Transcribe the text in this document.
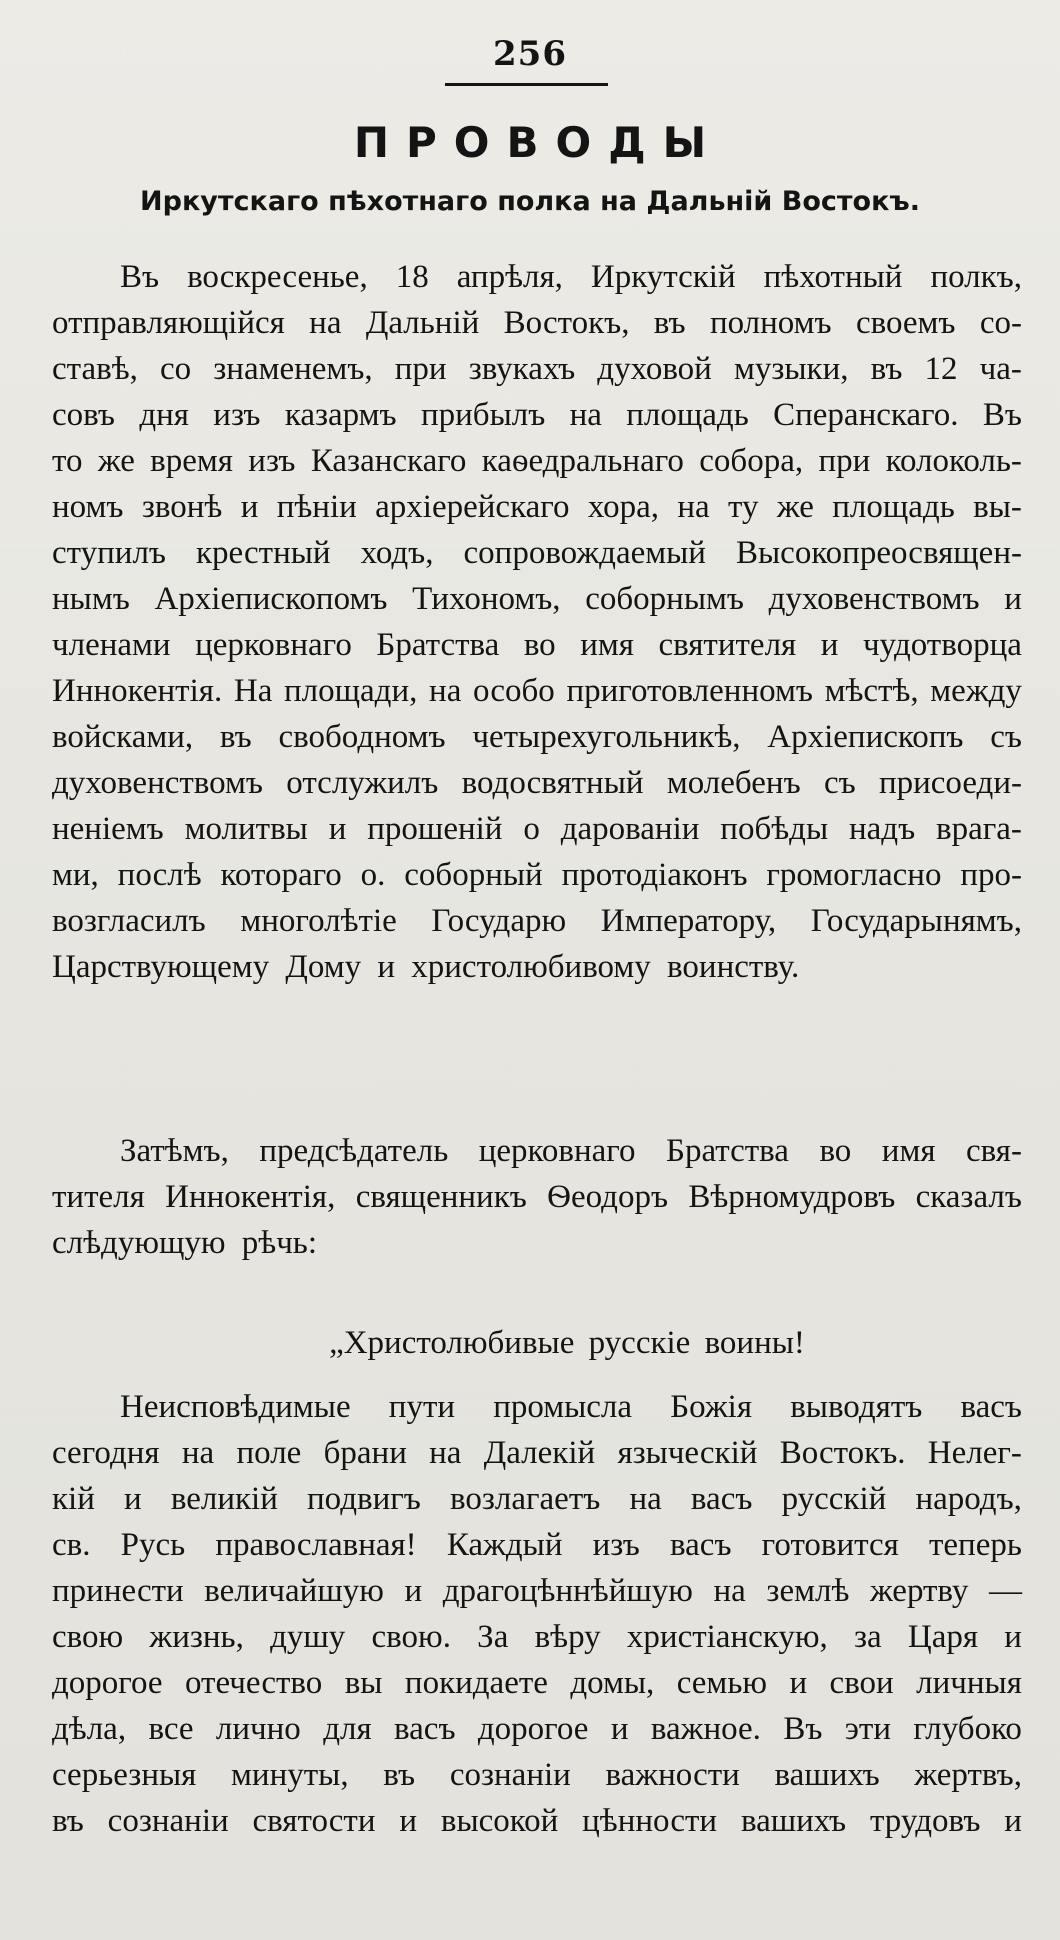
256
ПРОВОДЫ
Иркутскаго пѣхотнаго полка на Дальній Востокъ.
Въ воскресенье, 18 апрѣля, Иркутскій пѣхотный полкъ,
отправляющійся на Дальній Востокъ, въ полномъ своемъ со-
ставѣ, со знаменемъ, при звукахъ духовой музыки, въ 12 ча-
совъ дня изъ казармъ прибылъ на площадь Сперанскаго. Въ
то же время изъ Казанскаго каѳедральнаго собора, при колоколь-
номъ звонѣ и пѣніи архіерейскаго хора, на ту же площадь вы-
ступилъ крестный ходъ, сопровождаемый Высокопреосвящен-
нымъ Архіепископомъ Тихономъ, соборнымъ духовенствомъ и
членами церковнаго Братства во имя святителя и чудотворца
Иннокентія. На площади, на особо приготовленномъ мѣстѣ, между
войсками, въ свободномъ четырехугольникѣ, Архіепископъ съ
духовенствомъ отслужилъ водосвятный молебенъ съ присоеди-
неніемъ молитвы и прошеній о дарованіи побѣды надъ врага-
ми, послѣ котораго о. соборный протодіаконъ громогласно про-
возгласилъ многолѣтіе Государю Императору, Государынямъ,
Царствующему Дому и христолюбивому воинству.
Затѣмъ, предсѣдатель церковнаго Братства во имя свя-
тителя Иннокентія, священникъ Ѳеодоръ Вѣрномудровъ сказалъ
слѣдующую рѣчь:
„Христолюбивые русскіе воины!
Неисповѣдимые пути промысла Божія выводятъ васъ
сегодня на поле брани на Далекій языческій Востокъ. Нелег-
кій и великій подвигъ возлагаетъ на васъ русскій народъ,
св. Русь православная! Каждый изъ васъ готовится теперь
принести величайшую и драгоцѣннѣйшую на землѣ жертву —
свою жизнь, душу свою. За вѣру христіанскую, за Царя и
дорогое отечество вы покидаете домы, семью и свои личныя
дѣла, все лично для васъ дорогое и важное. Въ эти глубоко
серьезныя минуты, въ сознаніи важности вашихъ жертвъ,
въ сознаніи святости и высокой цѣнности вашихъ трудовъ и
